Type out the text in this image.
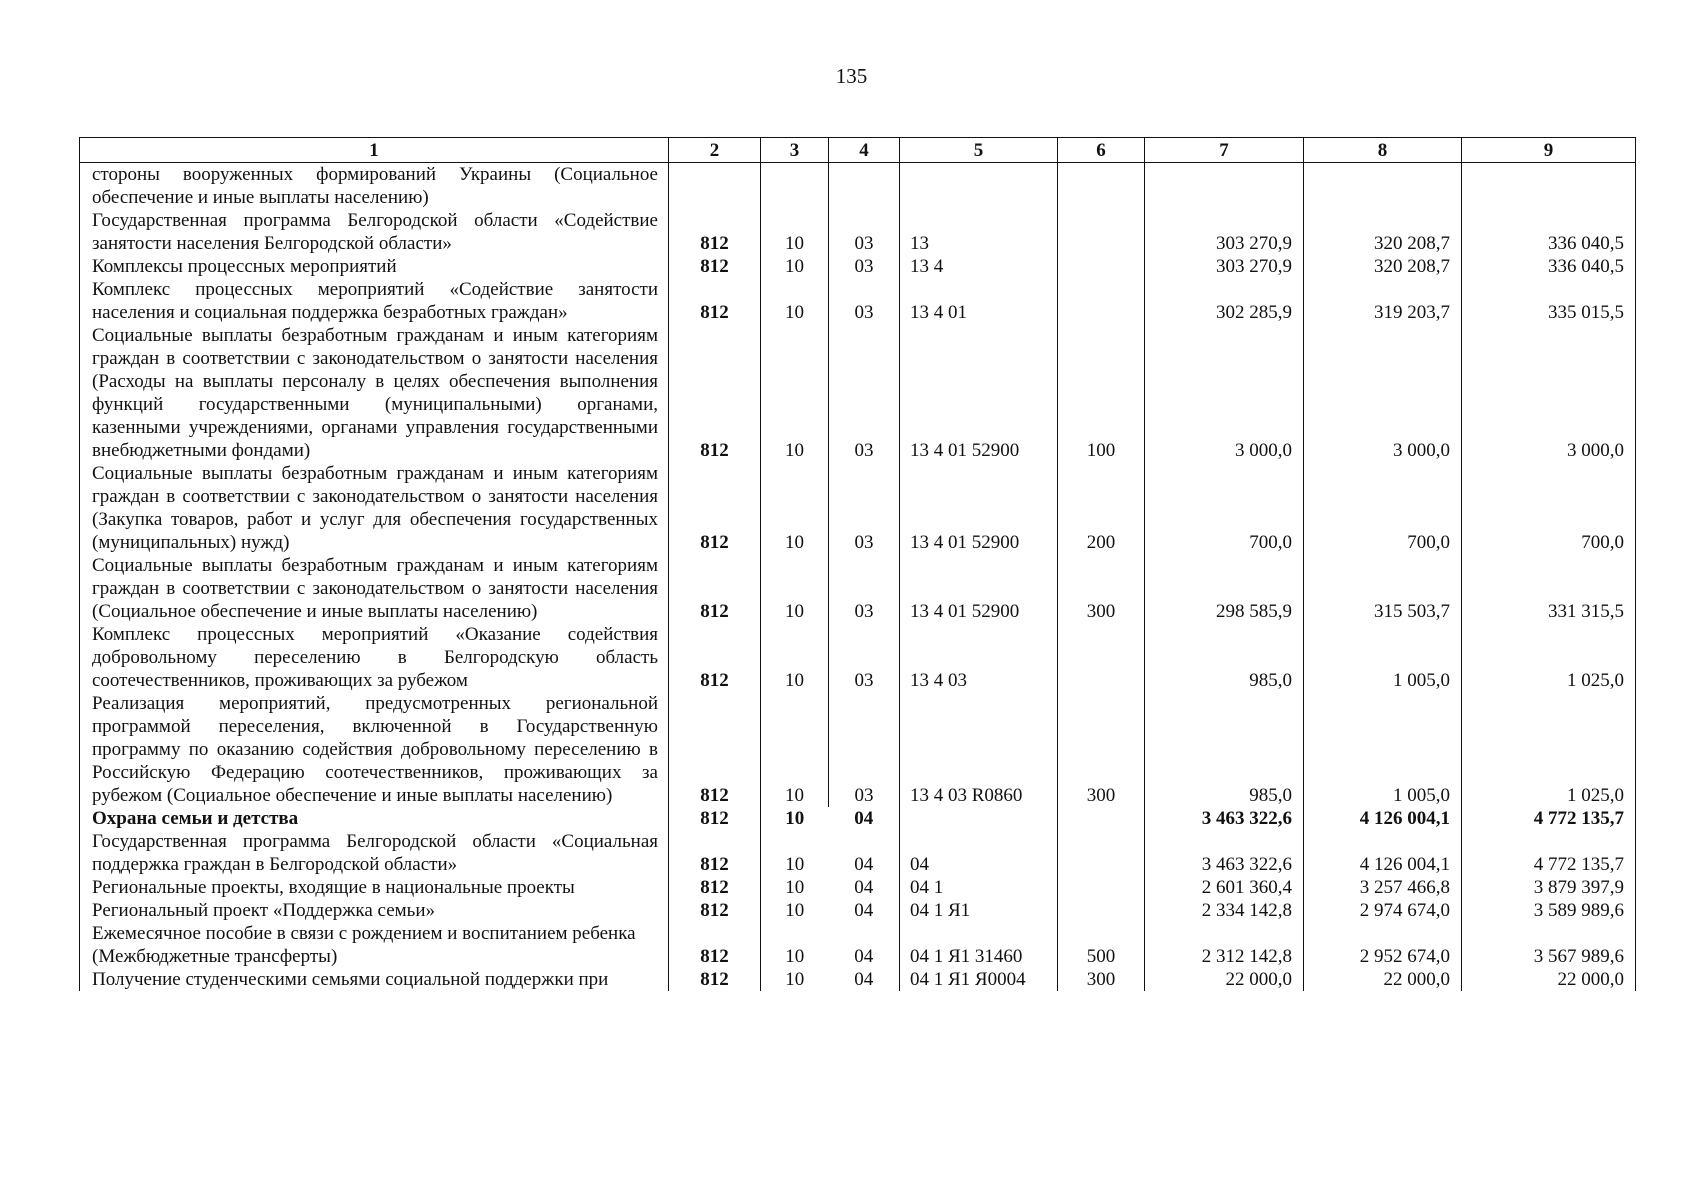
135
1	2	3	4	5	6	7	8	9
стороны вооруженных формирований Украины (Социальное обеспечение и иные выплаты населению)								
Государственная программа Белгородской области «Содействие занятости населения Белгородской области»	812	10	03	13		303 270,9	320 208,7	336 040,5
Комплексы процессных мероприятий	812	10	03	13 4		303 270,9	320 208,7	336 040,5
Комплекс процессных мероприятий «Содействие занятости населения и социальная поддержка безработных граждан»	812	10	03	13 4 01		302 285,9	319 203,7	335 015,5
Социальные выплаты безработным гражданам и иным категориям граждан в соответствии с законодательством о занятости населения (Расходы на выплаты персоналу в целях обеспечения выполнения функций государственными (муниципальными) органами, казенными учреждениями, органами управления государственными внебюджетными фондами)	812	10	03	13 4 01 52900	100	3 000,0	3 000,0	3 000,0
Социальные выплаты безработным гражданам и иным категориям граждан в соответствии с законодательством о занятости населения (Закупка товаров, работ и услуг для обеспечения государственных (муниципальных) нужд)	812	10	03	13 4 01 52900	200	700,0	700,0	700,0
Социальные выплаты безработным гражданам и иным категориям граждан в соответствии с законодательством о занятости населения (Социальное обеспечение и иные выплаты населению)	812	10	03	13 4 01 52900	300	298 585,9	315 503,7	331 315,5
Комплекс процессных мероприятий «Оказание содействия добровольному переселению в Белгородскую область соотечественников, проживающих за рубежом	812	10	03	13 4 03		985,0	1 005,0	1 025,0
Реализация мероприятий, предусмотренных региональной программой переселения, включенной в Государственную программу по оказанию содействия добровольному переселению в Российскую Федерацию соотечественников, проживающих за рубежом (Социальное обеспечение и иные выплаты населению)	812	10	03	13 4 03 R0860	300	985,0	1 005,0	1 025,0
Охрана семьи и детства	812	10	04			3 463 322,6	4 126 004,1	4 772 135,7
Государственная программа Белгородской области «Социальная поддержка граждан в Белгородской области»	812	10	04	04		3 463 322,6	4 126 004,1	4 772 135,7
Региональные проекты, входящие в национальные проекты	812	10	04	04 1		2 601 360,4	3 257 466,8	3 879 397,9
Региональный проект «Поддержка семьи»	812	10	04	04 1 Я1		2 334 142,8	2 974 674,0	3 589 989,6
Ежемесячное пособие в связи с рождением и воспитанием ребенка								
(Межбюджетные трансферты)	812	10	04	04 1 Я1 31460	500	2 312 142,8	2 952 674,0	3 567 989,6
Получение студенческими семьями социальной поддержки при	812	10	04	04 1 Я1 Я0004	300	22 000,0	22 000,0	22 000,0
